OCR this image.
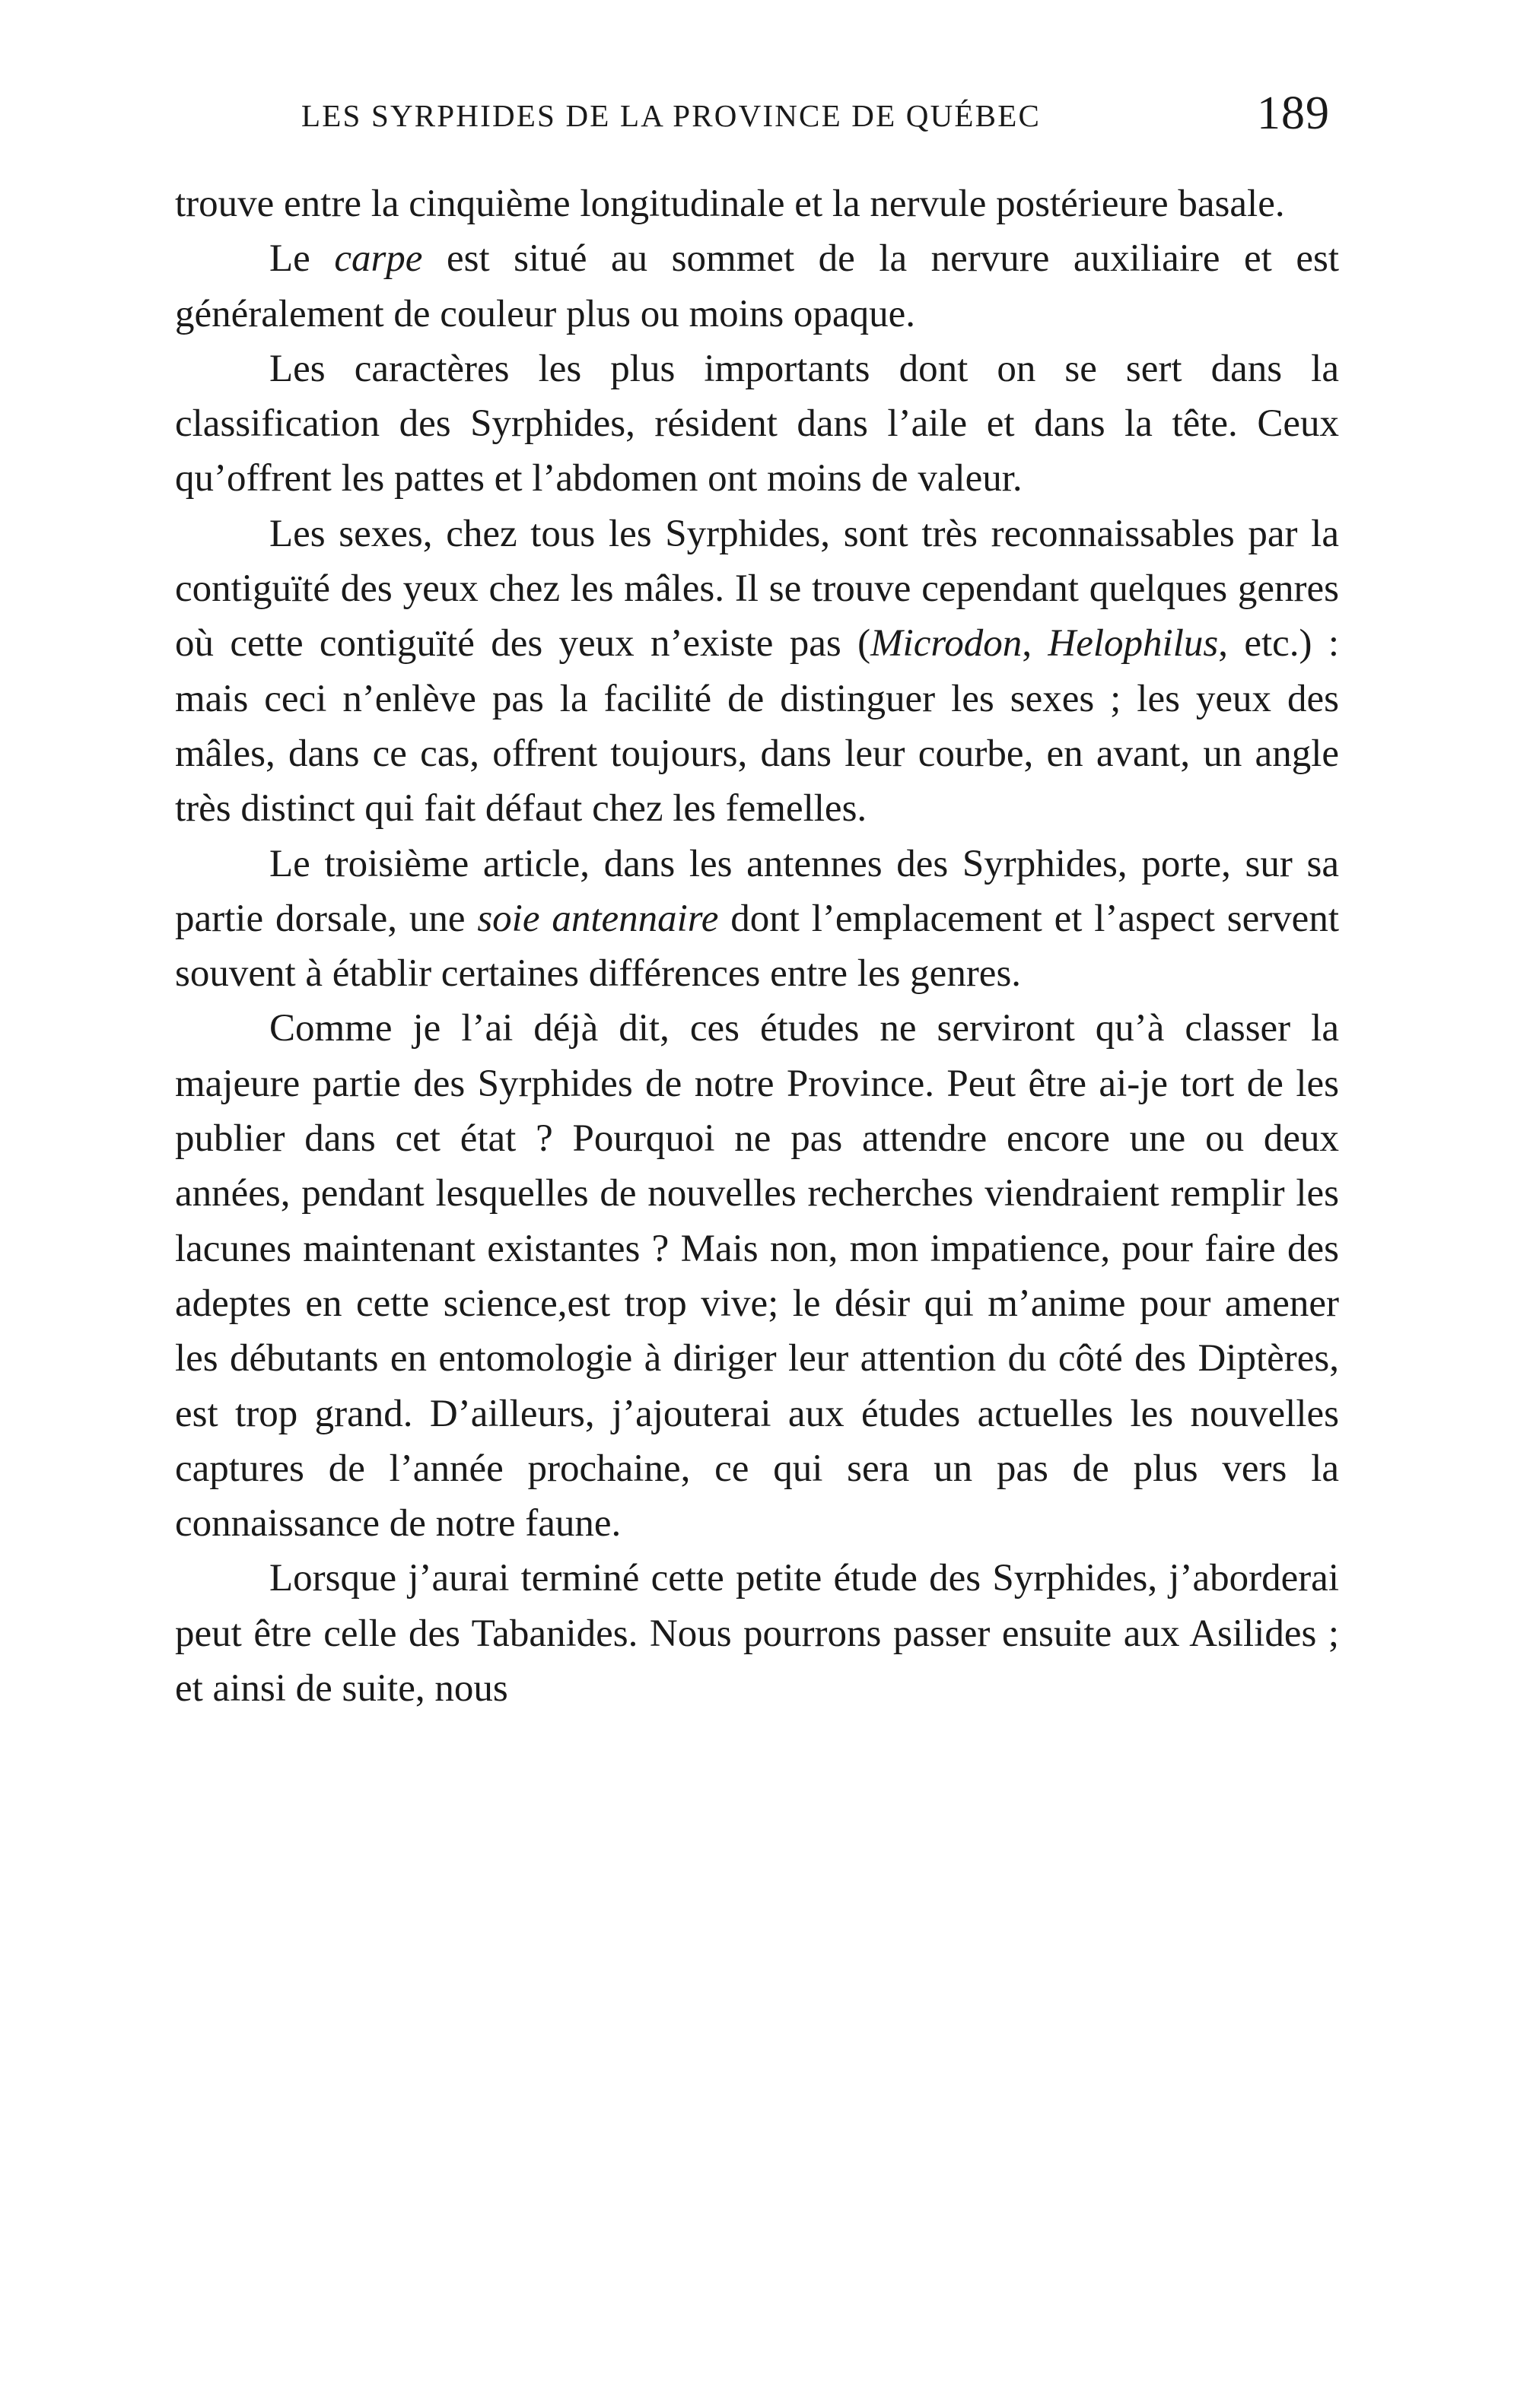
LES SYRPHIDES DE LA PROVINCE DE QUÉBEC	189

trouve entre la cinquième longitudinale et la nervule postérieure basale.

Le carpe est situé au sommet de la nervure auxiliaire et est généralement de couleur plus ou moins opaque.

Les caractères les plus importants dont on se sert dans la classification des Syrphides, résident dans l’aile et dans la tête. Ceux qu’offrent les pattes et l’abdomen ont moins de valeur.

Les sexes, chez tous les Syrphides, sont très reconnaissables par la contiguïté des yeux chez les mâles. Il se trouve cependant quelques genres où cette contiguïté des yeux n’existe pas (Microdon, Helophilus, etc.) : mais ceci n’enlève pas la facilité de distinguer les sexes ; les yeux des mâles, dans ce cas, offrent toujours, dans leur courbe, en avant, un angle très distinct qui fait défaut chez les femelles.

Le troisième article, dans les antennes des Syrphides, porte, sur sa partie dorsale, une soie antennaire dont l’emplacement et l’aspect servent souvent à établir certaines différences entre les genres.

Comme je l’ai déjà dit, ces études ne serviront qu’à classer la majeure partie des Syrphides de notre Province. Peut être ai-je tort de les publier dans cet état ? Pourquoi ne pas attendre encore une ou deux années, pendant lesquelles de nouvelles recherches viendraient remplir les lacunes maintenant existantes ? Mais non, mon impatience, pour faire des adeptes en cette science,est trop vive; le désir qui m’anime pour amener les débutants en entomologie à diriger leur attention du côté des Diptères, est trop grand. D’ailleurs, j’ajouterai aux études actuelles les nouvelles captures de l’année prochaine, ce qui sera un pas de plus vers la connaissance de notre faune.

Lorsque j’aurai terminé cette petite étude des Syrphides, j’aborderai peut être celle des Tabanides. Nous pourrons passer ensuite aux Asilides ; et ainsi de suite, nous
